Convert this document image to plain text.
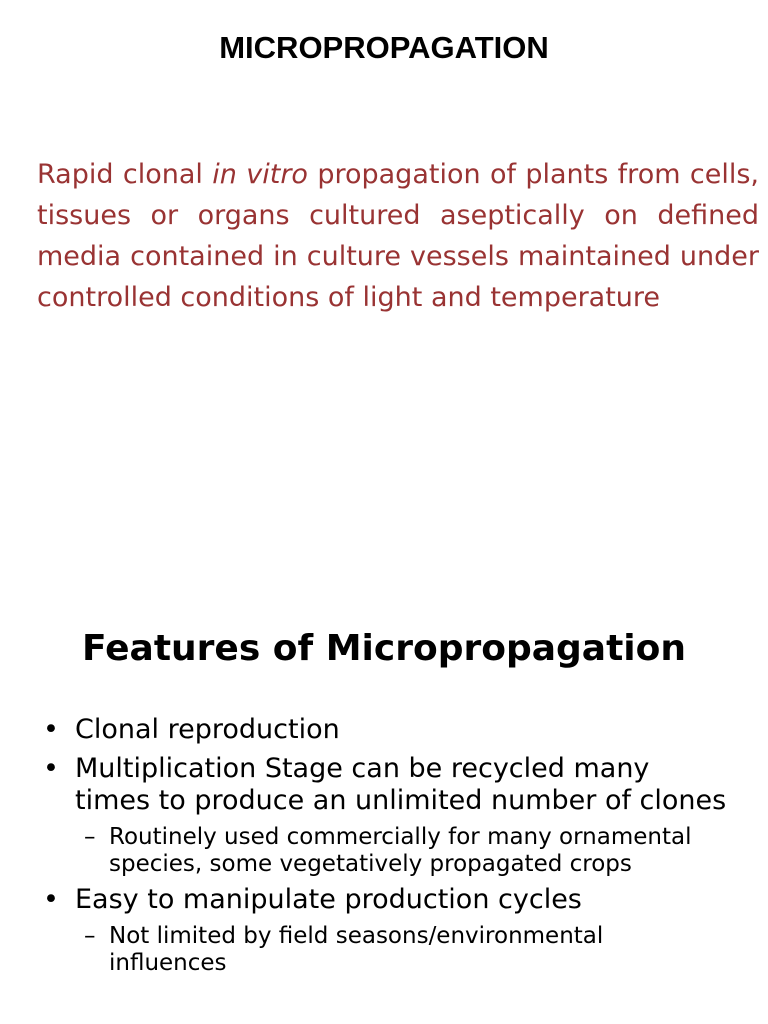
MICROPROPAGATION

Rapid clonal in vitro propagation of plants from cells, tissues or organs cultured aseptically on defined media contained in culture vessels maintained under controlled conditions of light and temperature

Features of Micropropagation
• Clonal reproduction
• Multiplication Stage can be recycled many times to produce an unlimited number of clones
– Routinely used commercially for many ornamental species, some vegetatively propagated crops
• Easy to manipulate production cycles
– Not limited by field seasons/environmental influences
